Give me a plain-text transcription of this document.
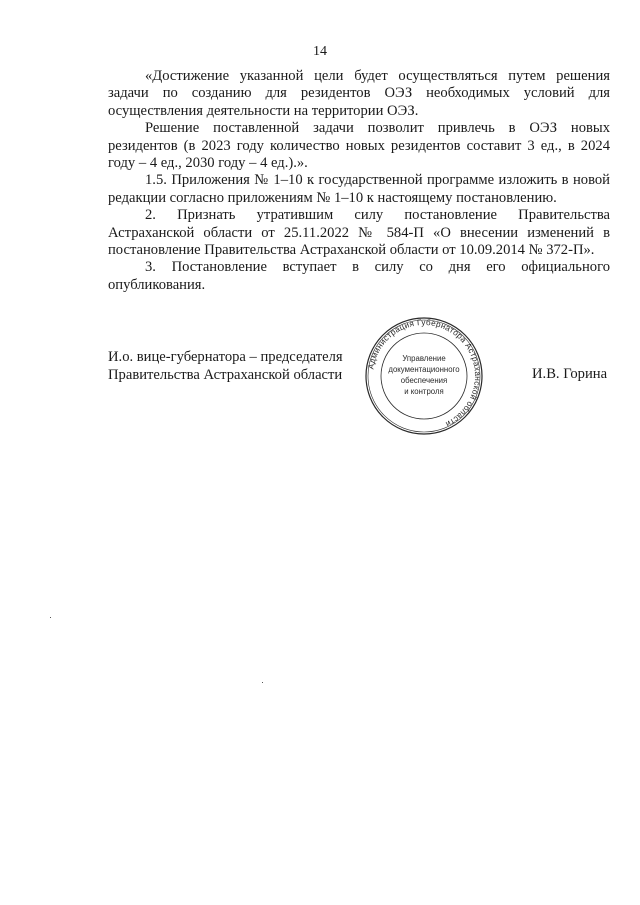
14

«Достижение указанной цели будет осуществляться путем решения задачи по созданию для резидентов ОЭЗ необходимых условий для осуществления деятельности на территории ОЭЗ.

Решение поставленной задачи позволит привлечь в ОЭЗ новых резидентов (в 2023 году количество новых резидентов составит 3 ед., в 2024 году – 4 ед., 2030 году – 4 ед.).».

1.5. Приложения № 1–10 к государственной программе изложить в новой редакции согласно приложениям № 1–10 к настоящему постановлению.

2. Признать утратившим силу постановление Правительства Астраханской области от 25.11.2022 № 584-П «О внесении изменений в постановление Правительства Астраханской области от 10.09.2014 № 372-П».

3. Постановление вступает в силу со дня его официального опубликования.

И.о. вице-губернатора – председателя
Правительства Астраханской области	И.В. Горина
Администрация Губернатора Астраханской области
Управление
документационного
обеспечения
и контроля
